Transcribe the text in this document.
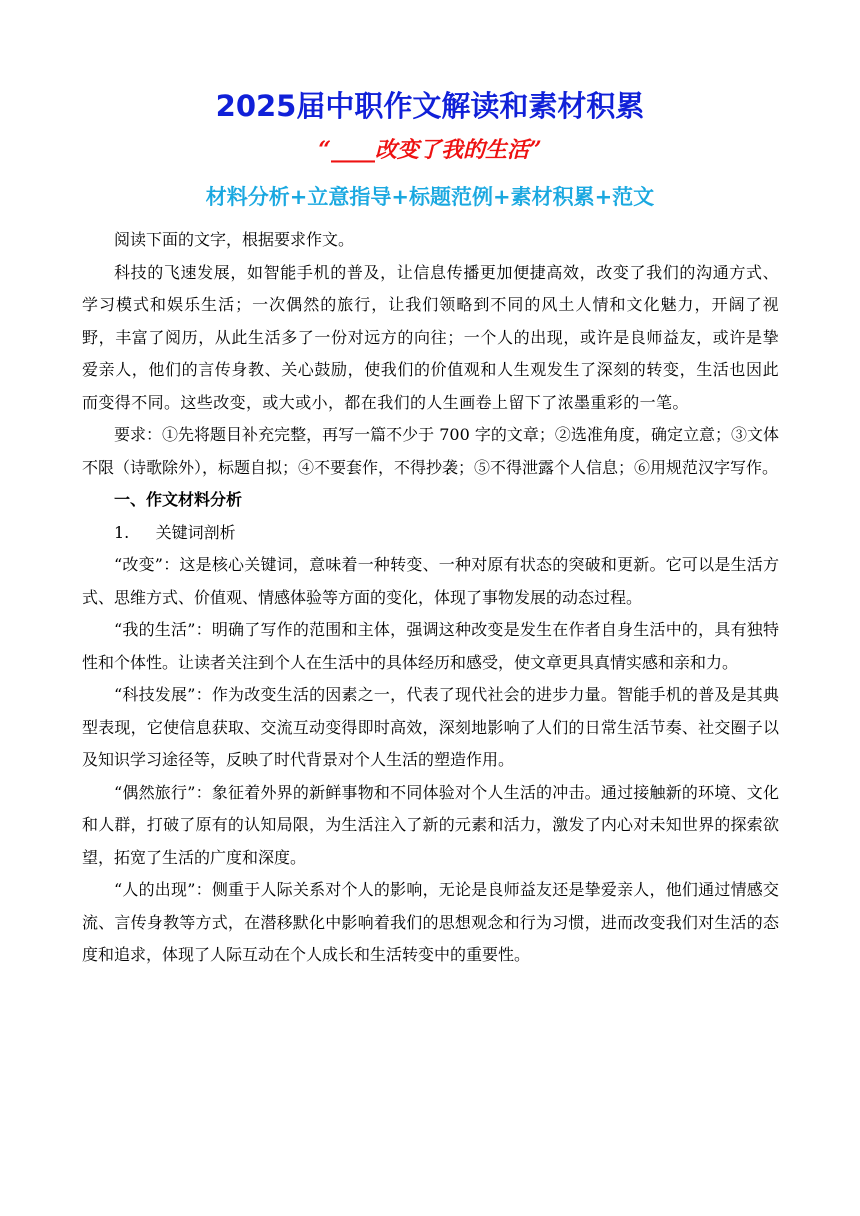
2025届中职作文解读和素材积累
“____改变了我的生活”
材料分析+立意指导+标题范例+素材积累+范文

阅读下面的文字，根据要求作文。

科技的飞速发展，如智能手机的普及，让信息传播更加便捷高效，改变了我们的沟通方式、学习模式和娱乐生活；一次偶然的旅行，让我们领略到不同的风土人情和文化魅力，开阔了视野，丰富了阅历，从此生活多了一份对远方的向往；一个人的出现，或许是良师益友，或许是挚爱亲人，他们的言传身教、关心鼓励，使我们的价值观和人生观发生了深刻的转变，生活也因此而变得不同。这些改变，或大或小，都在我们的人生画卷上留下了浓墨重彩的一笔。

要求：①先将题目补充完整，再写一篇不少于 700 字的文章；②选准角度，确定立意；③文体不限（诗歌除外），标题自拟；④不要套作，不得抄袭；⑤不得泄露个人信息；⑥用规范汉字写作。

一、作文材料分析

1. 关键词剖析

“改变”：这是核心关键词，意味着一种转变、一种对原有状态的突破和更新。它可以是生活方式、思维方式、价值观、情感体验等方面的变化，体现了事物发展的动态过程。

“我的生活”：明确了写作的范围和主体，强调这种改变是发生在作者自身生活中的，具有独特性和个体性。让读者关注到个人在生活中的具体经历和感受，使文章更具真情实感和亲和力。

“科技发展”：作为改变生活的因素之一，代表了现代社会的进步力量。智能手机的普及是其典型表现，它使信息获取、交流互动变得即时高效，深刻地影响了人们的日常生活节奏、社交圈子以及知识学习途径等，反映了时代背景对个人生活的塑造作用。

“偶然旅行”：象征着外界的新鲜事物和不同体验对个人生活的冲击。通过接触新的环境、文化和人群，打破了原有的认知局限，为生活注入了新的元素和活力，激发了内心对未知世界的探索欲望，拓宽了生活的广度和深度。

“人的出现”：侧重于人际关系对个人的影响，无论是良师益友还是挚爱亲人，他们通过情感交流、言传身教等方式，在潜移默化中影响着我们的思想观念和行为习惯，进而改变我们对生活的态度和追求，体现了人际互动在个人成长和生活转变中的重要性。
